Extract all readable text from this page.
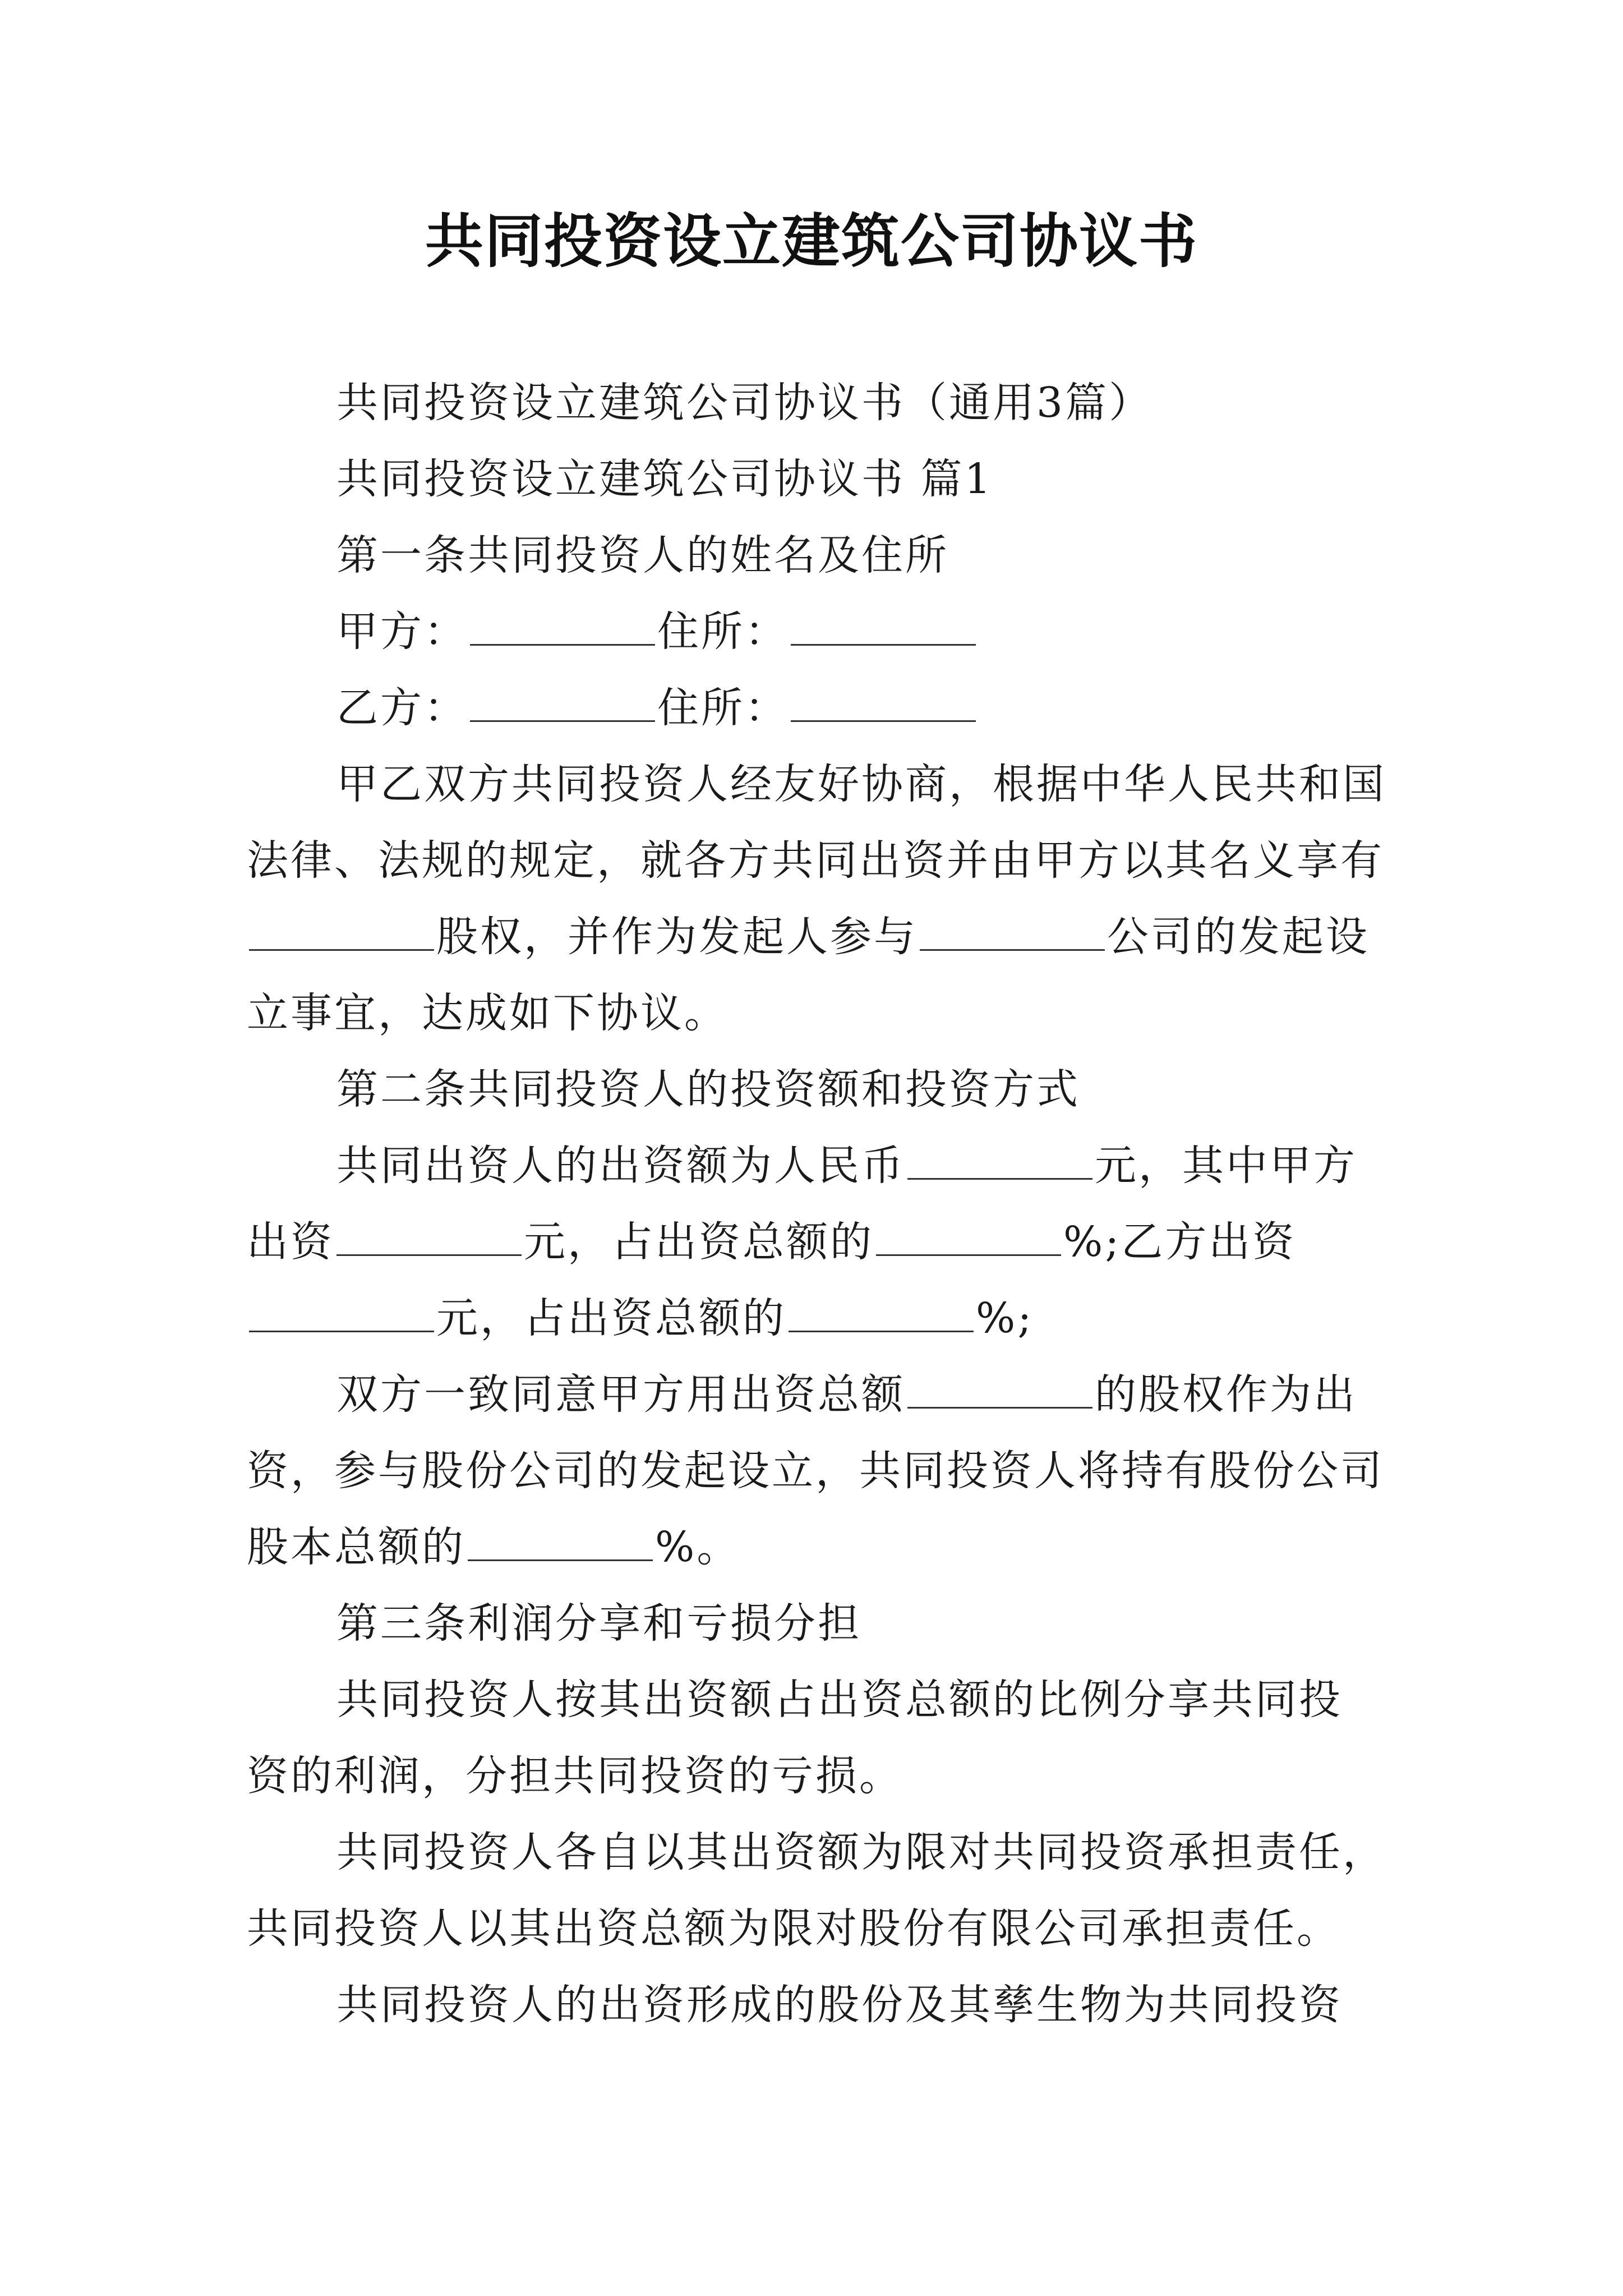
共同投资设立建筑公司协议书
共同投资设立建筑公司协议书（通用3篇）
共同投资设立建筑公司协议书 篇1
第一条共同投资人的姓名及住所
甲方：	住所：
乙方：	住所：
甲乙双方共同投资人经友好协商，根据中华人民共和国
法律、法规的规定，就各方共同出资并由甲方以其名义享有
股权，并作为发起人参与	公司的发起设
立事宜，达成如下协议。
第二条共同投资人的投资额和投资方式
共同出资人的出资额为人民币	元，其中甲方
出资	元，占出资总额的	%;乙方出资
元，占出资总额的	%;
双方一致同意甲方用出资总额	的股权作为出
资，参与股份公司的发起设立，共同投资人将持有股份公司
股本总额的	%。
第三条利润分享和亏损分担
共同投资人按其出资额占出资总额的比例分享共同投
资的利润，分担共同投资的亏损。
共同投资人各自以其出资额为限对共同投资承担责任，
共同投资人以其出资总额为限对股份有限公司承担责任。
共同投资人的出资形成的股份及其孳生物为共同投资
